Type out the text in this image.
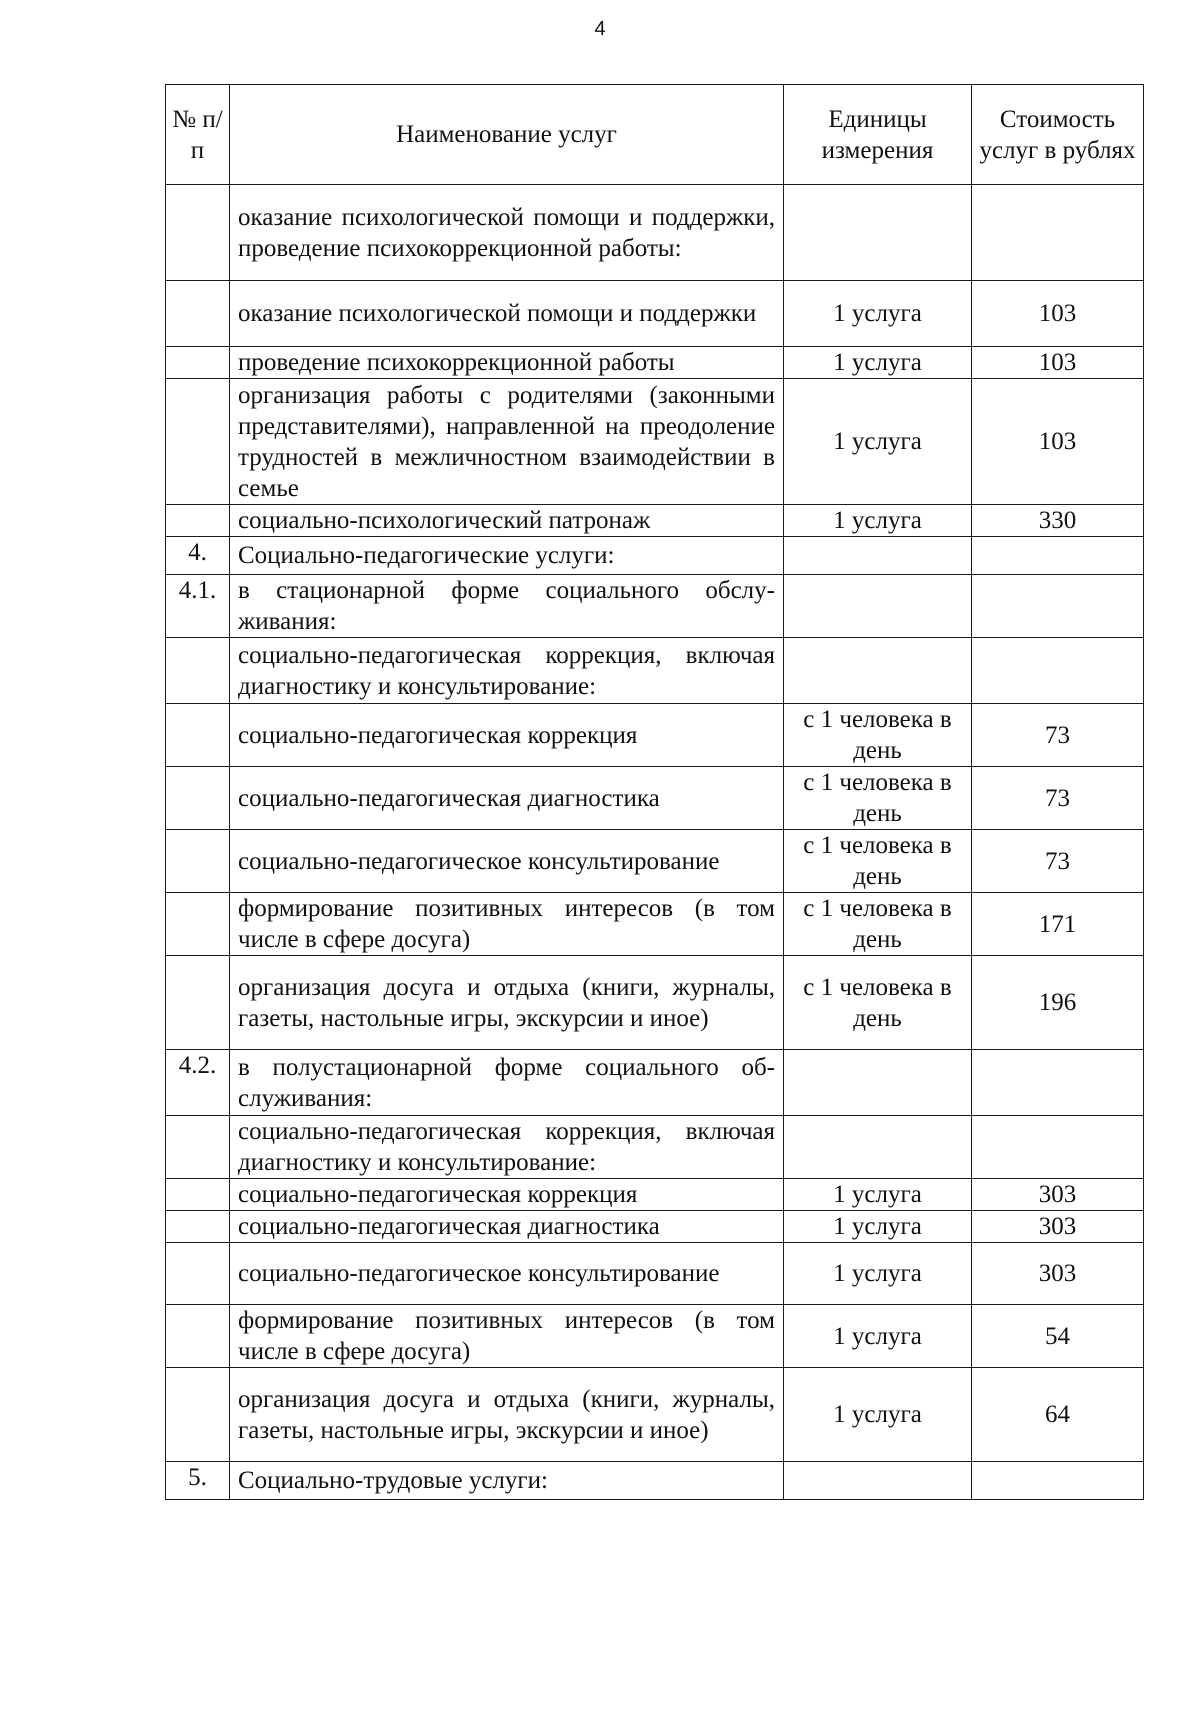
4
№ п/п	Наименование услуг	Единицы измерения	Стоимость услуг в рублях
	оказание психологической помощи и поддержки, проведение психокоррекционной работы:		
	оказание психологической помощи и поддержки	1 услуга	103
	проведение психокоррекционной работы	1 услуга	103
	организация работы с родителями (законными представителями), направленной на преодоление трудностей в межличностном взаимодействии в семье	1 услуга	103
	социально-психологический патронаж	1 услуга	330
4.	Социально-педагогические услуги:		
4.1.	в стационарной форме социального обслуживания:		
	социально-педагогическая коррекция, включая диагностику и консультирование:		
	социально-педагогическая коррекция	с 1 человека в день	73
	социально-педагогическая диагностика	с 1 человека в день	73
	социально-педагогическое консультирование	с 1 человека в день	73
	формирование позитивных интересов (в том числе в сфере досуга)	с 1 человека в день	171
	организация досуга и отдыха (книги, журналы, газеты, настольные игры, экскурсии и иное)	с 1 человека в день	196
4.2.	в полустационарной форме социального обслуживания:		
	социально-педагогическая коррекция, включая диагностику и консультирование:		
	социально-педагогическая коррекция	1 услуга	303
	социально-педагогическая диагностика	1 услуга	303
	социально-педагогическое консультирование	1 услуга	303
	формирование позитивных интересов (в том числе в сфере досуга)	1 услуга	54
	организация досуга и отдыха (книги, журналы, газеты, настольные игры, экскурсии и иное)	1 услуга	64
5.	Социально-трудовые услуги:		
